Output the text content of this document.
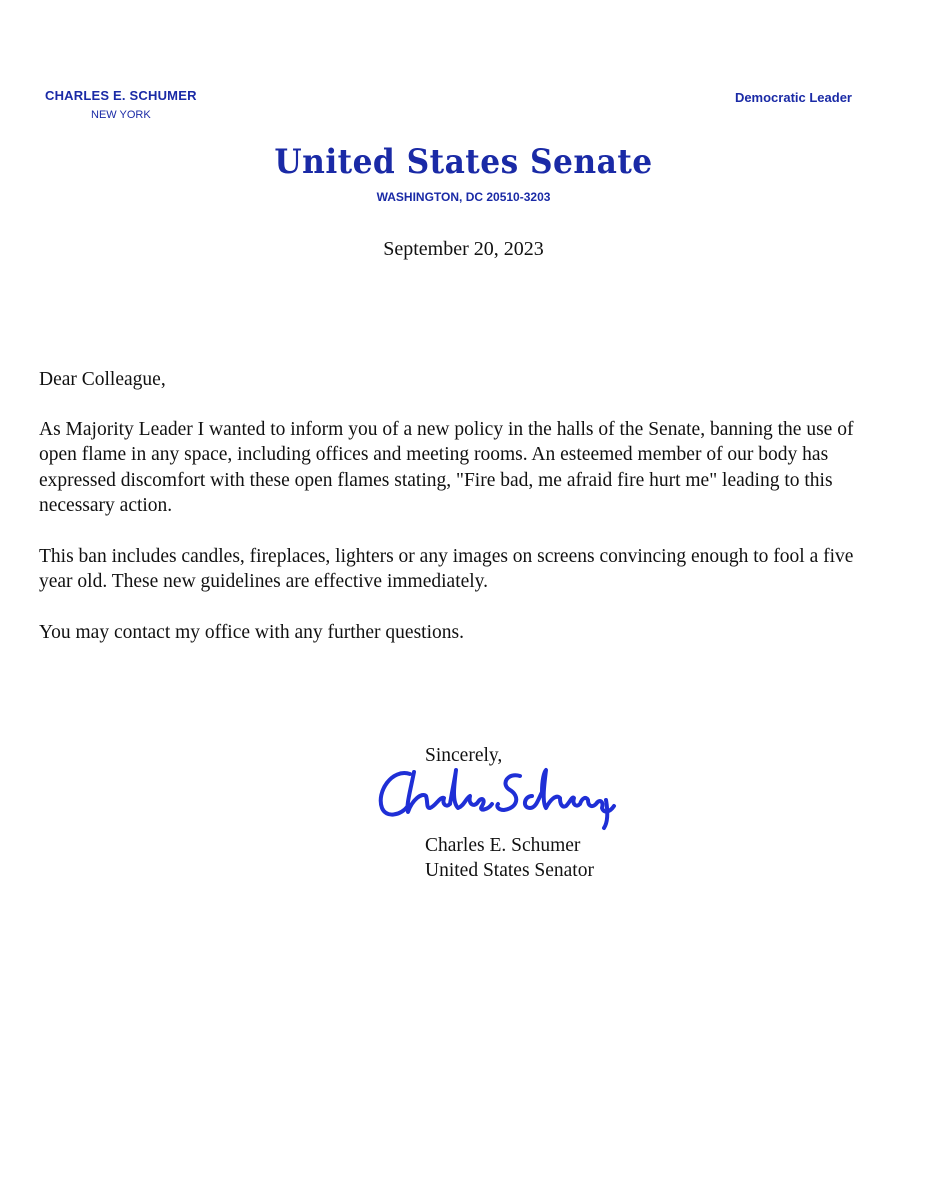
CHARLES E. SCHUMER
NEW YORK
Democratic Leader
United States Senate
WASHINGTON, DC 20510-3203
September 20, 2023

Dear Colleague,

As Majority Leader I wanted to inform you of a new policy in the halls of the Senate, banning the use of open flame in any space, including offices and meeting rooms. An esteemed member of our body has expressed discomfort with these open flames stating, "Fire bad, me afraid fire hurt me" leading to this necessary action.

This ban includes candles, fireplaces, lighters or any images on screens convincing enough to fool a five year old. These new guidelines are effective immediately.

You may contact my office with any further questions.

Sincerely,
Charles E. Schumer
United States Senator
